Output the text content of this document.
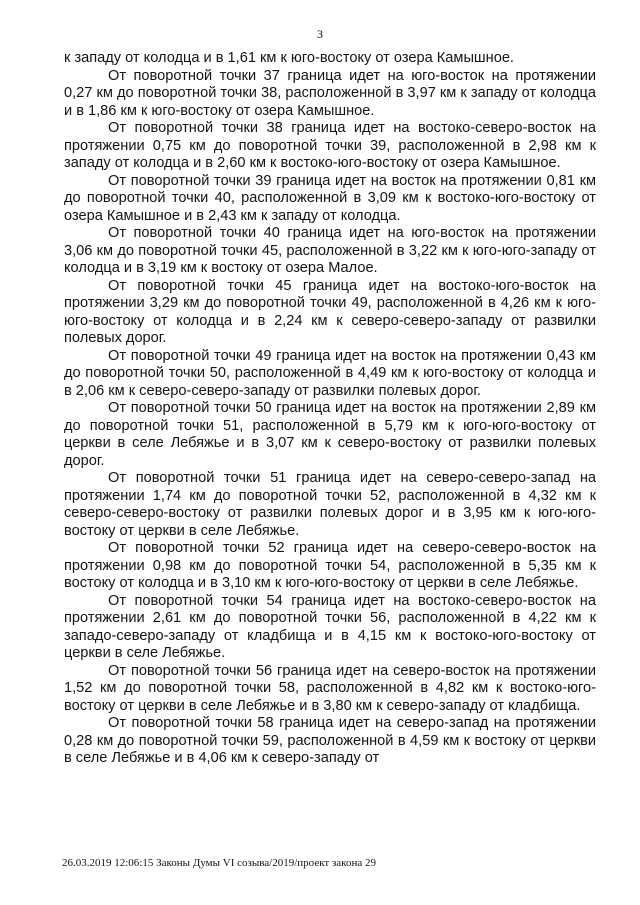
3

к западу от колодца и в 1,61 км к юго-востоку от озера Камышное.

От поворотной точки 37 граница идет на юго-восток на протяжении 0,27 км до поворотной точки 38, расположенной в 3,97 км к западу от колодца и в 1,86 км к юго-востоку от озера Камышное.

От поворотной точки 38 граница идет на востоко-северо-восток на протяжении 0,75 км до поворотной точки 39, расположенной в 2,98 км к западу от колодца и в 2,60 км к востоко-юго-востоку от озера Камышное.

От поворотной точки 39 граница идет на восток на протяжении 0,81 км до поворотной точки 40, расположенной в 3,09 км к востоко-юго-востоку от озера Камышное и в 2,43 км к западу от колодца.

От поворотной точки 40 граница идет на юго-восток на протяжении 3,06 км до поворотной точки 45, расположенной в 3,22 км к юго-юго-западу от колодца и в 3,19 км к востоку от озера Малое.

От поворотной точки 45 граница идет на востоко-юго-восток на протяжении 3,29 км до поворотной точки 49, расположенной в 4,26 км к юго-юго-востоку от колодца и в 2,24 км к северо-северо-западу от развилки полевых дорог.

От поворотной точки 49 граница идет на восток на протяжении 0,43 км до поворотной точки 50, расположенной в 4,49 км к юго-востоку от колодца и в 2,06 км к северо-северо-западу от развилки полевых дорог.

От поворотной точки 50 граница идет на восток на протяжении 2,89 км до поворотной точки 51, расположенной в 5,79 км к юго-юго-востоку от церкви в селе Лебяжье и в 3,07 км к северо-востоку от развилки полевых дорог.

От поворотной точки 51 граница идет на северо-северо-запад на протяжении 1,74 км до поворотной точки 52, расположенной в 4,32 км к северо-северо-востоку от развилки полевых дорог и в 3,95 км к юго-юго-востоку от церкви в селе Лебяжье.

От поворотной точки 52 граница идет на северо-северо-восток на протяжении 0,98 км до поворотной точки 54, расположенной в 5,35 км к востоку от колодца и в 3,10 км к юго-юго-востоку от церкви в селе Лебяжье.

От поворотной точки 54 граница идет на востоко-северо-восток на протяжении 2,61 км до поворотной точки 56, расположенной в 4,22 км к западо-северо-западу от кладбища и в 4,15 км к востоко-юго-востоку от церкви в селе Лебяжье.

От поворотной точки 56 граница идет на северо-восток на протяжении 1,52 км до поворотной точки 58, расположенной в 4,82 км к востоко-юго-востоку от церкви в селе Лебяжье и в 3,80 км к северо-западу от кладбища.

От поворотной точки 58 граница идет на северо-запад на протяжении 0,28 км до поворотной точки 59, расположенной в 4,59 км к востоку от церкви в селе Лебяжье и в 4,06 км к северо-западу от

26.03.2019 12:06:15 Законы Думы VI созыва/2019/проект закона 29
